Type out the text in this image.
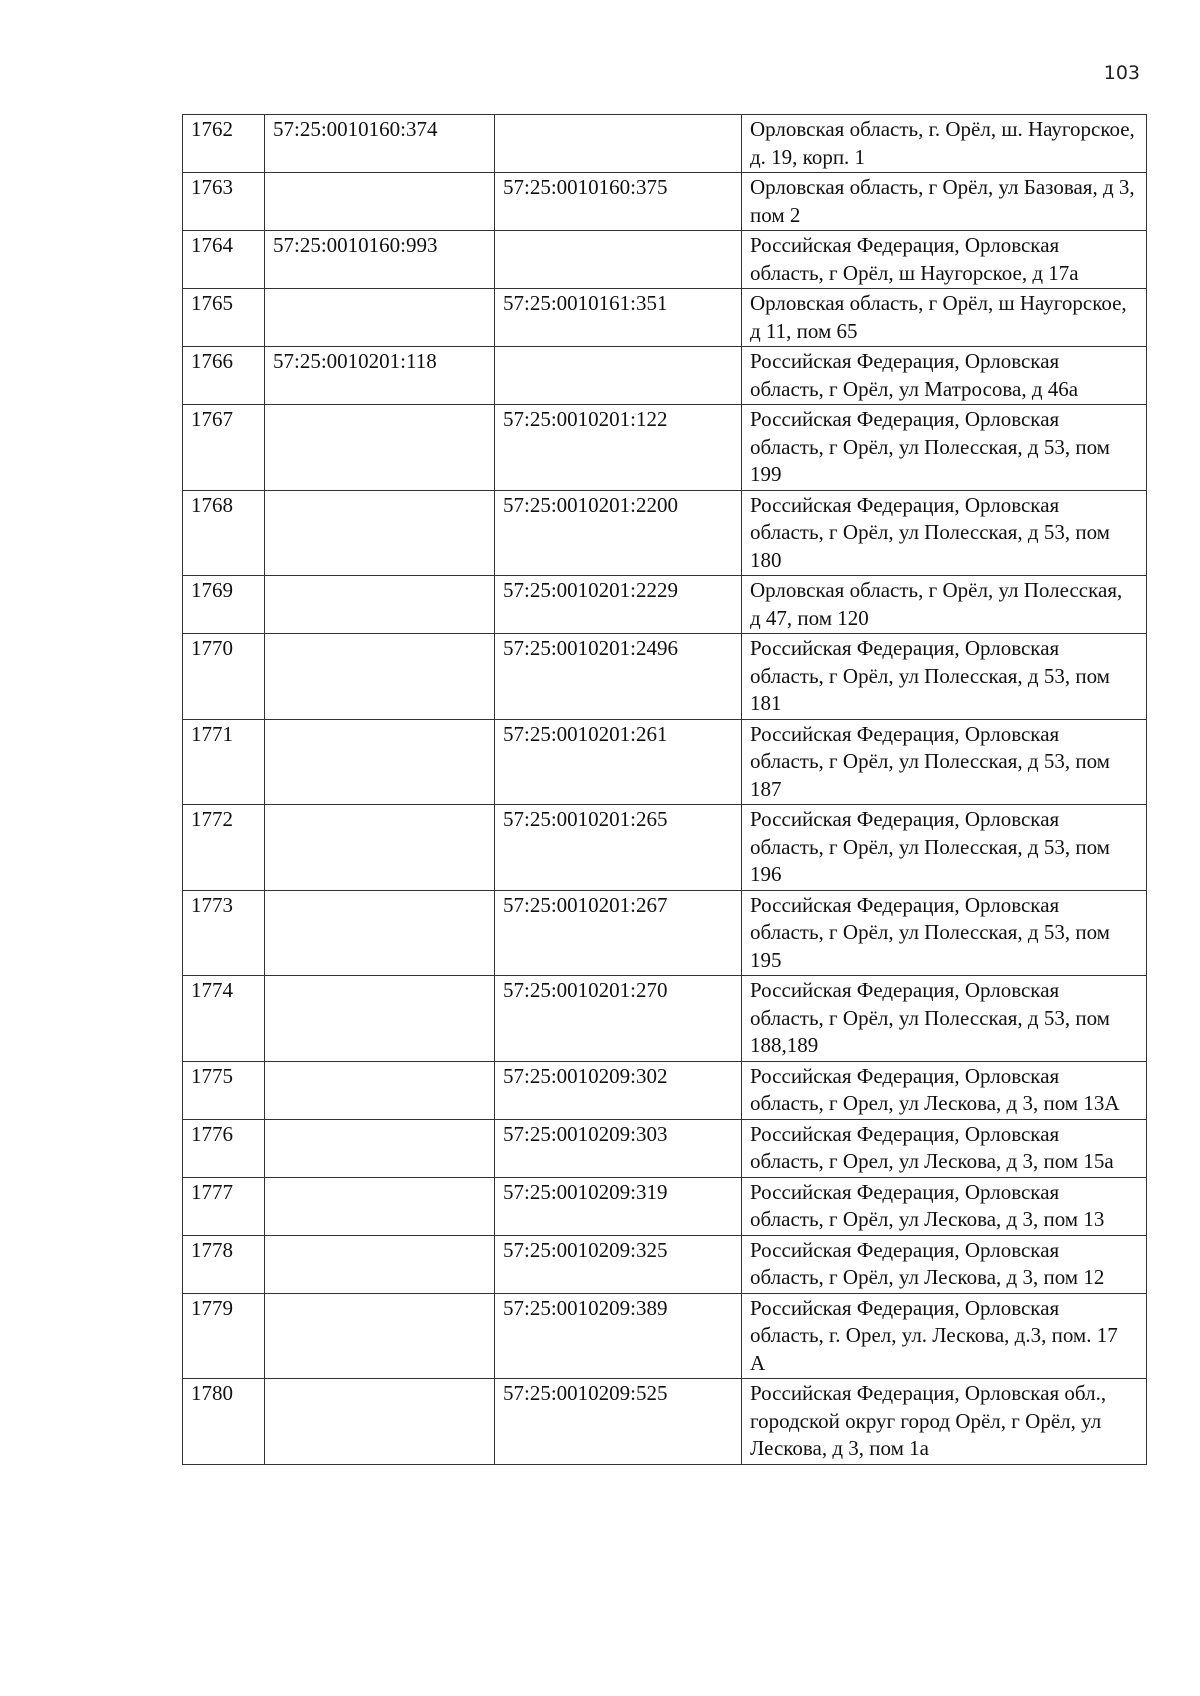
103
1762	57:25:0010160:374		Орловская область, г. Орёл, ш. Наугорское, д. 19, корп. 1
1763		57:25:0010160:375	Орловская область, г Орёл, ул Базовая, д 3, пом 2
1764	57:25:0010160:993		Российская Федерация, Орловская область, г Орёл, ш Наугорское, д 17а
1765		57:25:0010161:351	Орловская область, г Орёл, ш Наугорское, д 11, пом 65
1766	57:25:0010201:118		Российская Федерация, Орловская область, г Орёл, ул Матросова, д 46а
1767		57:25:0010201:122	Российская Федерация, Орловская область, г Орёл, ул Полесская, д 53, пом 199
1768		57:25:0010201:2200	Российская Федерация, Орловская область, г Орёл, ул Полесская, д 53, пом 180
1769		57:25:0010201:2229	Орловская область, г Орёл, ул Полесская, д 47, пом 120
1770		57:25:0010201:2496	Российская Федерация, Орловская область, г Орёл, ул Полесская, д 53, пом 181
1771		57:25:0010201:261	Российская Федерация, Орловская область, г Орёл, ул Полесская, д 53, пом 187
1772		57:25:0010201:265	Российская Федерация, Орловская область, г Орёл, ул Полесская, д 53, пом 196
1773		57:25:0010201:267	Российская Федерация, Орловская область, г Орёл, ул Полесская, д 53, пом 195
1774		57:25:0010201:270	Российская Федерация, Орловская область, г Орёл, ул Полесская, д 53, пом 188,189
1775		57:25:0010209:302	Российская Федерация, Орловская область, г Орел, ул Лескова, д 3, пом 13А
1776		57:25:0010209:303	Российская Федерация, Орловская область, г Орел, ул Лескова, д 3, пом 15а
1777		57:25:0010209:319	Российская Федерация, Орловская область, г Орёл, ул Лескова, д 3, пом 13
1778		57:25:0010209:325	Российская Федерация, Орловская область, г Орёл, ул Лескова, д 3, пом 12
1779		57:25:0010209:389	Российская Федерация, Орловская область, г. Орел, ул. Лескова, д.3, пом. 17 А
1780		57:25:0010209:525	Российская Федерация, Орловская обл., городской округ город Орёл, г Орёл, ул Лескова, д 3, пом 1а
